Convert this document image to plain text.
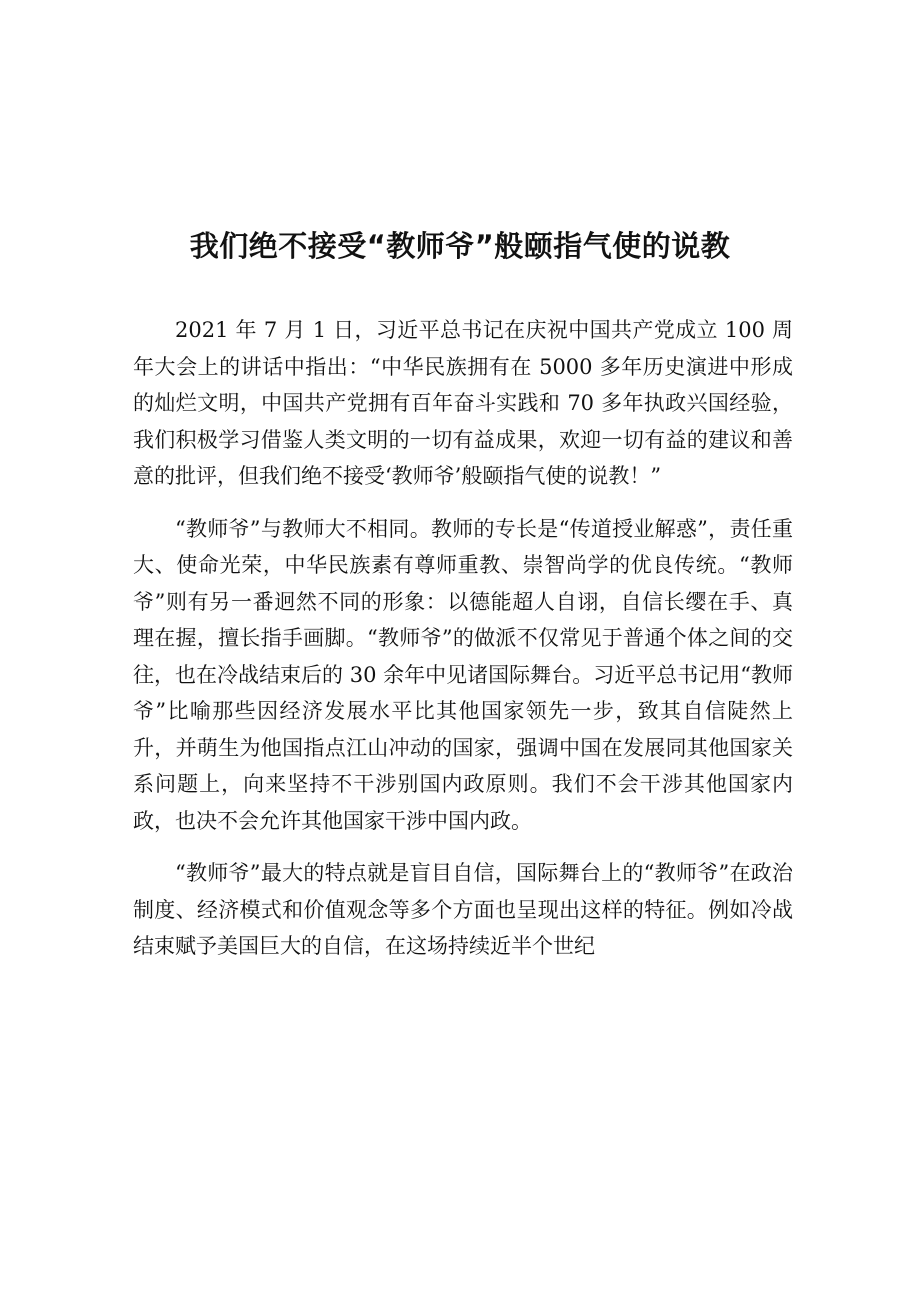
我们绝不接受“教师爷”般颐指气使的说教

2021 年 7 月 1 日，习近平总书记在庆祝中国共产党成立 100 周年大会上的讲话中指出：“中华民族拥有在 5000 多年历史演进中形成的灿烂文明，中国共产党拥有百年奋斗实践和 70 多年执政兴国经验，我们积极学习借鉴人类文明的一切有益成果，欢迎一切有益的建议和善意的批评，但我们绝不接受‘教师爷’般颐指气使的说教！”

“教师爷”与教师大不相同。教师的专长是“传道授业解惑”，责任重大、使命光荣，中华民族素有尊师重教、崇智尚学的优良传统。“教师爷”则有另一番迥然不同的形象：以德能超人自诩，自信长缨在手、真理在握，擅长指手画脚。“教师爷”的做派不仅常见于普通个体之间的交往，也在冷战结束后的 30 余年中见诸国际舞台。习近平总书记用“教师爷”比喻那些因经济发展水平比其他国家领先一步，致其自信陡然上升，并萌生为他国指点江山冲动的国家，强调中国在发展同其他国家关系问题上，向来坚持不干涉别国内政原则。我们不会干涉其他国家内政，也决不会允许其他国家干涉中国内政。

“教师爷”最大的特点就是盲目自信，国际舞台上的“教师爷”在政治制度、经济模式和价值观念等多个方面也呈现出这样的特征。例如冷战结束赋予美国巨大的自信，在这场持续近半个世纪
